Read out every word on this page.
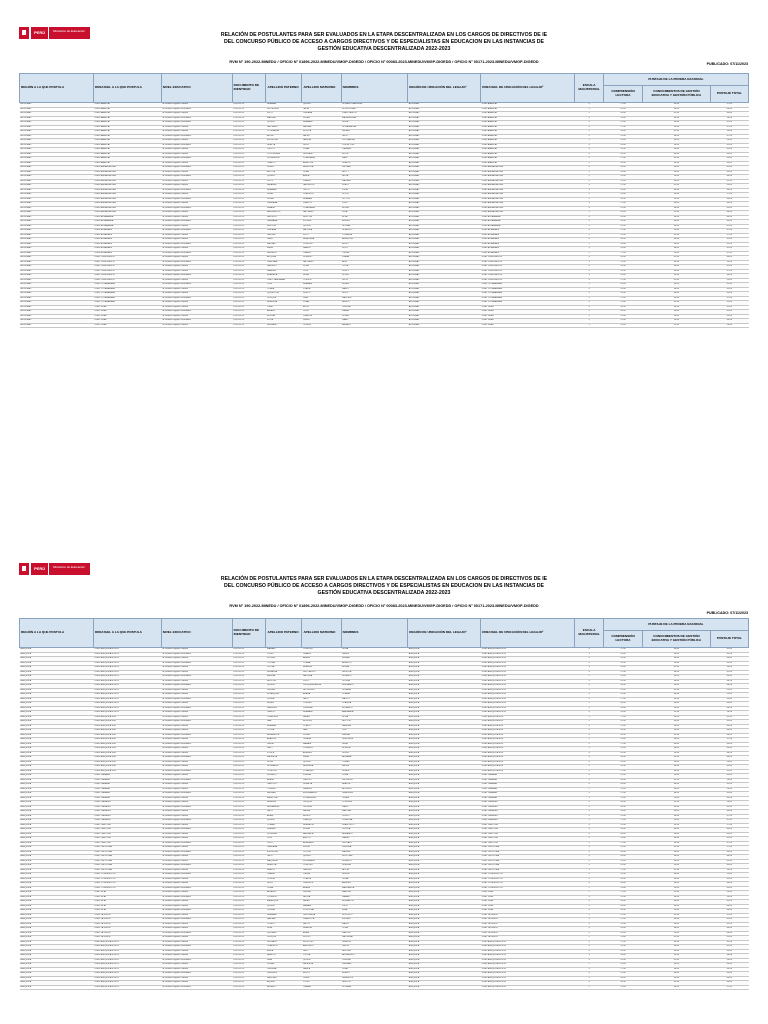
PERÚ	Ministerio de Educación
RELACIÓN DE POSTULANTES PARA SER EVALUADOS EN LA ETAPA DESCENTRALIZADA EN LOS CARGOS DE DIRECTIVOS DE IE
DEL CONCURSO PÚBLICO DE ACCESO A CARGOS DIRECTIVOS Y DE ESPECIALISTAS EN EDUCACION EN LAS INSTANCIAS DE
GESTIÓN EDUCATIVA DESCENTRALIZADA 2022-2023
RVM N° 190-2022-MINEDU / OFICIO N° 01896-2022-MINEDU/VMGP-DIGEDD / OFICIO N° 00083-2023-MINEDU/VMGP-DIGEDD / OFICIO N° 00171-2023-MINEDU/VMGP-DIGEDD	PUBLICADO: 07/11/2023
REGIÓN A LA QUE POSTULA	DRE/UGEL A LA QUE POSTULA	NIVEL EDUCATIVO	DOCUMENTO DE IDENTIDAD	APELLIDO PATERNO	APELLIDO MATERNO	NOMBRES	REGIÓN DE UBICACIÓN DEL LEGAJO¹	DRE/UGEL DE UBICACIÓN DEL LEGAJO²	ESCALA MAGISTERIAL	PUNTAJE DE LA PRUEBA NACIONAL		
										COMPRENSIÓN LECTORA	CONOCIMIENTOS DE GESTIÓN EDUCATIVA Y GESTIÓN PÚBLICA	PUNTAJE TOTAL
APURIMAC	UGEL ABANCAY	IE Gestión Regular Primaria	XXXXXXXX	HUAMAN	QUISPE	ROSARIO MARLENE	APURIMAC	UGEL ABANCAY	4	17.00	40.00	57.00
APURIMAC	UGEL ABANCAY	IE Gestión Regular Secundaria	XXXXXXXX	GUTIERREZ	TAPIA	ELVIS EDGAR	APURIMAC	UGEL ABANCAY	3	16.00	48.00	64.00
APURIMAC	UGEL ABANCAY	IE Gestión Regular Primaria	XXXXXXXX	SOTO	CHIPANA	JUAN CARLOS	APURIMAC	UGEL ABANCAY	5	18.00	42.00	60.00
APURIMAC	UGEL ABANCAY	IE Gestión Regular Secundaria	XXXXXXXX	MALLMA	ROJAS	MARIA ELENA	APURIMAC	UGEL ABANCAY	4	14.00	44.00	58.00
APURIMAC	UGEL ABANCAY	IE Gestión Regular Secundaria	XXXXXXXX	QUISPE	HUAMANI	SILVIA	APURIMAC	UGEL ABANCAY	3	15.00	46.00	61.00
APURIMAC	UGEL ABANCAY	IE Gestión Regular Primaria	XXXXXXXX	PALOMINO	VARGAS	ROSA AMELIA	APURIMAC	UGEL ABANCAY	4	17.00	50.00	67.00
APURIMAC	UGEL ABANCAY	IE Gestión Regular Primaria	XXXXXXXX	CCORAHUA	SULLCA	WILBER	APURIMAC	UGEL ABANCAY	2	16.00	42.00	58.00
APURIMAC	UGEL ABANCAY	IE Gestión Regular Secundaria	XXXXXXXX	ARONI	VALER	NELLY	APURIMAC	UGEL ABANCAY	5	19.00	48.00	67.00
APURIMAC	UGEL ABANCAY	IE Gestión Regular Primaria	XXXXXXXX	ESPINOZA	PAREJA	LUZ MARINA	APURIMAC	UGEL ABANCAY	3	13.00	46.00	59.00
APURIMAC	UGEL ABANCAY	IE Gestión Regular Secundaria	XXXXXXXX	HUAYTA	LEON	JORGE LUIS	APURIMAC	UGEL ABANCAY	4	18.00	44.00	62.00
APURIMAC	UGEL ABANCAY	IE Gestión Regular Primaria	XXXXXXXX	OSCCO	PUMA	CARMEN	APURIMAC	UGEL ABANCAY	3	15.00	50.00	65.00
APURIMAC	UGEL ABANCAY	IE Gestión Regular Primaria	XXXXXXXX	CONTRERAS	SERRANO	EDITH	APURIMAC	UGEL ABANCAY	4	16.00	48.00	64.00
APURIMAC	UGEL ABANCAY	IE Gestión Regular Secundaria	XXXXXXXX	VILLAVERDE	CCAHUANA	RAUL	APURIMAC	UGEL ABANCAY	5	17.00	42.00	59.00
APURIMAC	UGEL ABANCAY	IE Gestión Regular Primaria	XXXXXXXX	CHALCO	ALARCON	GLADYS	APURIMAC	UGEL ABANCAY	3	18.00	46.00	64.00
APURIMAC	UGEL ANDAHUAYLAS	IE Gestión Regular Secundaria	XXXXXXXX	PEREZ	MENDOZA	WILLIAM	APURIMAC	UGEL ANDAHUAYLAS	4	14.00	48.00	62.00
APURIMAC	UGEL ANDAHUAYLAS	IE Gestión Regular Primaria	XXXXXXXX	ALLCCA	CUBA	BETTY	APURIMAC	UGEL ANDAHUAYLAS	3	16.00	44.00	60.00
APURIMAC	UGEL ANDAHUAYLAS	IE Gestión Regular Secundaria	XXXXXXXX	QUISPE	AYALA	HILDA	APURIMAC	UGEL ANDAHUAYLAS	5	19.00	50.00	69.00
APURIMAC	UGEL ANDAHUAYLAS	IE Gestión Regular Primaria	XXXXXXXX	ORTIZ	JUAREZ	MARIBEL	APURIMAC	UGEL ANDAHUAYLAS	4	15.00	46.00	61.00
APURIMAC	UGEL ANDAHUAYLAS	IE Gestión Regular Primaria	XXXXXXXX	SALAZAR	GALLEGOS	FREDY	APURIMAC	UGEL ANDAHUAYLAS	3	17.00	42.00	59.00
APURIMAC	UGEL ANDAHUAYLAS	IE Gestión Regular Secundaria	XXXXXXXX	HUAMANI	TELLO	JULIA	APURIMAC	UGEL ANDAHUAYLAS	4	18.00	48.00	66.00
APURIMAC	UGEL ANDAHUAYLAS	IE Gestión Regular Primaria	XXXXXXXX	PEÑA	CUADROS	ROCIO	APURIMAC	UGEL ANDAHUAYLAS	2	13.00	44.00	57.00
APURIMAC	UGEL ANDAHUAYLAS	IE Gestión Regular Secundaria	XXXXXXXX	ROJAS	HUAMAN	VICTOR	APURIMAC	UGEL ANDAHUAYLAS	5	16.00	50.00	66.00
APURIMAC	UGEL ANDAHUAYLAS	IE Gestión Regular Primaria	XXXXXXXX	CAHUANA	LLANTOY	YENY	APURIMAC	UGEL ANDAHUAYLAS	3	17.00	46.00	63.00
APURIMAC	UGEL ANDAHUAYLAS	IE Gestión Regular Secundaria	XXXXXXXX	ZAVALA	CCAHUANA	EDWIN	APURIMAC	UGEL ANDAHUAYLAS	4	15.00	48.00	63.00
APURIMAC	UGEL ANDAHUAYLAS	IE Gestión Regular Primaria	XXXXXXXX	BARRIENTOS	PALOMINO	LIDIA	APURIMAC	UGEL ANDAHUAYLAS	3	18.00	42.00	60.00
APURIMAC	UGEL ANTABAMBA	IE Gestión Regular Primaria	XXXXXXXX	SALCEDO	HUILLCA	ELSA	APURIMAC	UGEL ANTABAMBA	4	16.00	44.00	60.00
APURIMAC	UGEL ANTABAMBA	IE Gestión Regular Secundaria	XXXXXXXX	CARBAJAL	FLORES	MIGUEL	APURIMAC	UGEL ANTABAMBA	5	19.00	46.00	65.00
APURIMAC	UGEL ANTABAMBA	IE Gestión Regular Primaria	XXXXXXXX	HUILLCA	QUISPE	NORMA	APURIMAC	UGEL ANTABAMBA	3	14.00	48.00	62.00
APURIMAC	UGEL AYMARAES	IE Gestión Regular Secundaria	XXXXXXXX	CHIPANA	VALDIVIA	ROBERTO	APURIMAC	UGEL AYMARAES	4	17.00	50.00	67.00
APURIMAC	UGEL AYMARAES	IE Gestión Regular Primaria	XXXXXXXX	PAUCAR	SOTO	YOLANDA	APURIMAC	UGEL AYMARAES	3	15.00	42.00	57.00
APURIMAC	UGEL AYMARAES	IE Gestión Regular Primaria	XXXXXXXX	TAIPE	HUARCAYA	ANGELICA	APURIMAC	UGEL AYMARAES	4	18.00	44.00	62.00
APURIMAC	UGEL AYMARAES	IE Gestión Regular Secundaria	XXXXXXXX	VARGAS	CONDORI	HUGO	APURIMAC	UGEL AYMARAES	2	16.00	46.00	62.00
APURIMAC	UGEL AYMARAES	IE Gestión Regular Primaria	XXXXXXXX	MEZA	RAMOS	FLOR	APURIMAC	UGEL AYMARAES	3	13.00	48.00	61.00
APURIMAC	UGEL AYMARAES	IE Gestión Regular Secundaria	XXXXXXXX	PACHECO	CHAVEZ	OSCAR	APURIMAC	UGEL AYMARAES	5	17.00	50.00	67.00
APURIMAC	UGEL CHINCHEROS	IE Gestión Regular Primaria	XXXXXXXX	AYQUIPA	ROMERO	JUANA	APURIMAC	UGEL CHINCHEROS	4	18.00	42.00	60.00
APURIMAC	UGEL CHINCHEROS	IE Gestión Regular Secundaria	XXXXXXXX	CANCHARI	PALOMINO	ALEX	APURIMAC	UGEL CHINCHEROS	3	15.00	44.00	59.00
APURIMAC	UGEL CHINCHEROS	IE Gestión Regular Primaria	XXXXXXXX	GALINDO	SOSA	LUCIA	APURIMAC	UGEL CHINCHEROS	4	16.00	46.00	62.00
APURIMAC	UGEL CHINCHEROS	IE Gestión Regular Primaria	XXXXXXXX	RAMIREZ	CURI	PERCY	APURIMAC	UGEL CHINCHEROS	5	19.00	48.00	67.00
APURIMAC	UGEL CHINCHEROS	IE Gestión Regular Secundaria	XXXXXXXX	HUARACA	VEGA	DORIS	APURIMAC	UGEL CHINCHEROS	3	14.00	50.00	64.00
APURIMAC	UGEL CHINCHEROS	IE Gestión Regular Primaria	XXXXXXXX	LLACCTAHUAMAN	CCENTE	RUTH	APURIMAC	UGEL CHINCHEROS	4	17.00	42.00	59.00
APURIMAC	UGEL COTABAMBAS	IE Gestión Regular Secundaria	XXXXXXXX	CUSI	HUAMAN	ELMER	APURIMAC	UGEL COTABAMBAS	3	18.00	44.00	62.00
APURIMAC	UGEL COTABAMBAS	IE Gestión Regular Primaria	XXXXXXXX	CCAPA	LOAIZA	NANCY	APURIMAC	UGEL COTABAMBAS	4	16.00	46.00	62.00
APURIMAC	UGEL COTABAMBAS	IE Gestión Regular Primaria	XXXXXXXX	QQUELCCA	SURCO	FELIX	APURIMAC	UGEL COTABAMBAS	2	15.00	48.00	63.00
APURIMAC	UGEL COTABAMBAS	IE Gestión Regular Secundaria	XXXXXXXX	CHOQUE	LIMA	MARLENI	APURIMAC	UGEL COTABAMBAS	5	17.00	50.00	67.00
APURIMAC	UGEL COTABAMBAS	IE Gestión Regular Primaria	XXXXXXXX	HUAYHUA	PUMA	BENITO	APURIMAC	UGEL COTABAMBAS	3	13.00	42.00	55.00
APURIMAC	UGEL GRAU	IE Gestión Regular Primaria	XXXXXXXX	LUNA	ARCE	TERESA	APURIMAC	UGEL GRAU	4	18.00	44.00	62.00
APURIMAC	UGEL GRAU	IE Gestión Regular Secundaria	XXXXXXXX	ALFARO	CRUZ	DANIEL	APURIMAC	UGEL GRAU	3	16.00	46.00	62.00
APURIMAC	UGEL GRAU	IE Gestión Regular Primaria	XXXXXXXX	MOLINA	CHAUCA	SONIA	APURIMAC	UGEL GRAU	4	15.00	48.00	63.00
APURIMAC	UGEL GRAU	IE Gestión Regular Secundaria	XXXXXXXX	VILCA	PEREZ	ISAAC	APURIMAC	UGEL GRAU	5	19.00	50.00	69.00
APURIMAC	UGEL GRAU	IE Gestión Regular Primaria	XXXXXXXX	SERRANO	OCHOA	AMPARO	APURIMAC	UGEL GRAU	3	14.00	42.00	56.00
PERÚ	Ministerio de Educación
RELACIÓN DE POSTULANTES PARA SER EVALUADOS EN LA ETAPA DESCENTRALIZADA EN LOS CARGOS DE DIRECTIVOS DE IE
DEL CONCURSO PÚBLICO DE ACCESO A CARGOS DIRECTIVOS Y DE ESPECIALISTAS EN EDUCACION EN LAS INSTANCIAS DE
GESTIÓN EDUCATIVA DESCENTRALIZADA 2022-2023
RVM N° 190-2022-MINEDU / OFICIO N° 01896-2022-MINEDU/VMGP-DIGEDD / OFICIO N° 00083-2023-MINEDU/VMGP-DIGEDD / OFICIO N° 00171-2023-MINEDU/VMGP-DIGEDD
PUBLICADO: 07/11/2023
REGIÓN A LA QUE POSTULA	DRE/UGEL A LA QUE POSTULA	NIVEL EDUCATIVO	DOCUMENTO DE IDENTIDAD	APELLIDO PATERNO	APELLIDO MATERNO	NOMBRES	REGIÓN DE UBICACIÓN DEL LEGAJO¹	DRE/UGEL DE UBICACIÓN DEL LEGAJO²	ESCALA MAGISTERIAL	PUNTAJE DE LA PRUEBA NACIONAL		
										COMPRENSIÓN LECTORA	CONOCIMIENTOS DE GESTIÓN EDUCATIVA Y GESTIÓN PÚBLICA	PUNTAJE TOTAL
AREQUIPA	UGEL AREQUIPA NORTE	IE Gestión Regular Primaria	XXXXXXXX	MAMANI	CONDORI	ROSA	AREQUIPA	UGEL AREQUIPA NORTE	4	17.00	44.00	61.00
AREQUIPA	UGEL AREQUIPA NORTE	IE Gestión Regular Secundaria	XXXXXXXX	LOPEZ	CHAVEZ	JAVIER	AREQUIPA	UGEL AREQUIPA NORTE	3	16.00	46.00	62.00
AREQUIPA	UGEL AREQUIPA NORTE	IE Gestión Regular Primaria	XXXXXXXX	FLORES	APAZA	MIRIAM	AREQUIPA	UGEL AREQUIPA NORTE	5	18.00	48.00	66.00
AREQUIPA	UGEL AREQUIPA NORTE	IE Gestión Regular Secundaria	XXXXXXXX	TICONA	CCAMA	ALBERTO	AREQUIPA	UGEL AREQUIPA NORTE	4	15.00	50.00	65.00
AREQUIPA	UGEL AREQUIPA NORTE	IE Gestión Regular Primaria	XXXXXXXX	CUTIPA	HUANCA	ELENA	AREQUIPA	UGEL AREQUIPA NORTE	3	14.00	42.00	56.00
AREQUIPA	UGEL AREQUIPA NORTE	IE Gestión Regular Primaria	XXXXXXXX	ZEGARRA	DEL CARPIO	PATRICIA	AREQUIPA	UGEL AREQUIPA NORTE	4	17.00	44.00	61.00
AREQUIPA	UGEL AREQUIPA NORTE	IE Gestión Regular Secundaria	XXXXXXXX	MEDINA	VALDIVIA	RICARDO	AREQUIPA	UGEL AREQUIPA NORTE	5	19.00	46.00	65.00
AREQUIPA	UGEL AREQUIPA NORTE	IE Gestión Regular Primaria	XXXXXXXX	BEDOYA	PINTO	GLORIA	AREQUIPA	UGEL AREQUIPA NORTE	3	16.00	48.00	64.00
AREQUIPA	UGEL AREQUIPA NORTE	IE Gestión Regular Secundaria	XXXXXXXX	QUISPE	CHOQUEHUANCA	FERNANDO	AREQUIPA	UGEL AREQUIPA NORTE	4	18.00	50.00	68.00
AREQUIPA	UGEL AREQUIPA NORTE	IE Gestión Regular Primaria	XXXXXXXX	RIVERA	GUTIERREZ	SUSANA	AREQUIPA	UGEL AREQUIPA NORTE	2	13.00	42.00	55.00
AREQUIPA	UGEL AREQUIPA NORTE	IE Gestión Regular Primaria	XXXXXXXX	VELASQUEZ	ARANA	LILIANA	AREQUIPA	UGEL AREQUIPA NORTE	3	15.00	44.00	59.00
AREQUIPA	UGEL AREQUIPA NORTE	IE Gestión Regular Secundaria	XXXXXXXX	CHURA	PACO	MARCO	AREQUIPA	UGEL AREQUIPA NORTE	4	17.00	46.00	63.00
AREQUIPA	UGEL AREQUIPA NORTE	IE Gestión Regular Primaria	XXXXXXXX	NUÑEZ	TORRES	CLAUDIA	AREQUIPA	UGEL AREQUIPA NORTE	5	18.00	48.00	66.00
AREQUIPA	UGEL AREQUIPA NORTE	IE Gestión Regular Secundaria	XXXXXXXX	PAREDES	LLERENA	EDUARDO	AREQUIPA	UGEL AREQUIPA NORTE	3	16.00	50.00	66.00
AREQUIPA	UGEL AREQUIPA NORTE	IE Gestión Regular Primaria	XXXXXXXX	CARPIO	HUAMANI	ANA MARIA	AREQUIPA	UGEL AREQUIPA NORTE	4	14.00	42.00	56.00
AREQUIPA	UGEL AREQUIPA SUR	IE Gestión Regular Primaria	XXXXXXXX	COAGUILA	SALAS	NORA	AREQUIPA	UGEL AREQUIPA SUR	3	17.00	44.00	61.00
AREQUIPA	UGEL AREQUIPA SUR	IE Gestión Regular Secundaria	XXXXXXXX	DIAZ	MONTES	HECTOR	AREQUIPA	UGEL AREQUIPA SUR	5	19.00	46.00	65.00
AREQUIPA	UGEL AREQUIPA SUR	IE Gestión Regular Primaria	XXXXXXXX	HUAMAN	CCALLO	SANDRA	AREQUIPA	UGEL AREQUIPA SUR	4	15.00	48.00	63.00
AREQUIPA	UGEL AREQUIPA SUR	IE Gestión Regular Primaria	XXXXXXXX	YUCRA	PARI	LUIS	AREQUIPA	UGEL AREQUIPA SUR	3	16.00	50.00	66.00
AREQUIPA	UGEL AREQUIPA SUR	IE Gestión Regular Secundaria	XXXXXXXX	BENAVENTE	ROJAS	KARINA	AREQUIPA	UGEL AREQUIPA SUR	4	18.00	42.00	60.00
AREQUIPA	UGEL AREQUIPA SUR	IE Gestión Regular Primaria	XXXXXXXX	ARAGON	TEJADA	VERONICA	AREQUIPA	UGEL AREQUIPA SUR	2	13.00	44.00	57.00
AREQUIPA	UGEL AREQUIPA SUR	IE Gestión Regular Secundaria	XXXXXXXX	CALLA	MAMANI	RENE	AREQUIPA	UGEL AREQUIPA SUR	5	17.00	46.00	63.00
AREQUIPA	UGEL AREQUIPA SUR	IE Gestión Regular Primaria	XXXXXXXX	LAZO	CORNEJO	MONICA	AREQUIPA	UGEL AREQUIPA SUR	3	15.00	48.00	63.00
AREQUIPA	UGEL AREQUIPA SUR	IE Gestión Regular Primaria	XXXXXXXX	PONCE	ALVAREZ	JESUS	AREQUIPA	UGEL AREQUIPA SUR	4	16.00	50.00	66.00
AREQUIPA	UGEL AREQUIPA SUR	IE Gestión Regular Secundaria	XXXXXXXX	VALENCIA	RIVAS	ADRIANA	AREQUIPA	UGEL AREQUIPA SUR	3	18.00	42.00	60.00
AREQUIPA	UGEL AREQUIPA SUR	IE Gestión Regular Primaria	XXXXXXXX	SUCA	QUISPE	TOMAS	AREQUIPA	UGEL AREQUIPA SUR	4	14.00	44.00	58.00
AREQUIPA	UGEL AREQUIPA SUR	IE Gestión Regular Primaria	XXXXXXXX	GONZALES	HERRERA	PAOLA	AREQUIPA	UGEL AREQUIPA SUR	5	19.00	46.00	65.00
AREQUIPA	UGEL AREQUIPA SUR	IE Gestión Regular Secundaria	XXXXXXXX	CONDORI	YUPANQUI	RUBEN	AREQUIPA	UGEL AREQUIPA SUR	3	17.00	48.00	65.00
AREQUIPA	UGEL CAMANA	IE Gestión Regular Primaria	XXXXXXXX	ROMERO	ZUÑIGA	LUISA	AREQUIPA	UGEL CAMANA	4	15.00	50.00	65.00
AREQUIPA	UGEL CAMANA	IE Gestión Regular Secundaria	XXXXXXXX	APAZA	CASTRO	WILFREDO	AREQUIPA	UGEL CAMANA	3	16.00	42.00	58.00
AREQUIPA	UGEL CAMANA	IE Gestión Regular Primaria	XXXXXXXX	CASTILLO	PERALTA	BEATRIZ	AREQUIPA	UGEL CAMANA	4	18.00	44.00	62.00
AREQUIPA	UGEL CAMANA	IE Gestión Regular Primaria	XXXXXXXX	TORRES	LINARES	ALFREDO	AREQUIPA	UGEL CAMANA	2	13.00	46.00	59.00
AREQUIPA	UGEL CAMANA	IE Gestión Regular Secundaria	XXXXXXXX	SALINAS	BUSTAMANTE	GRACIELA	AREQUIPA	UGEL CAMANA	5	17.00	48.00	65.00
AREQUIPA	UGEL CAMANA	IE Gestión Regular Primaria	XXXXXXXX	MENDOZA	VILLANUEVA	CESAR	AREQUIPA	UGEL CAMANA	3	15.00	50.00	65.00
AREQUIPA	UGEL CARAVELI	IE Gestión Regular Primaria	XXXXXXXX	HUANCA	CHOQUE	LOURDES	AREQUIPA	UGEL CARAVELI	4	16.00	42.00	58.00
AREQUIPA	UGEL CARAVELI	IE Gestión Regular Secundaria	XXXXXXXX	FERNANDEZ	ORTEGA	DAVID	AREQUIPA	UGEL CARAVELI	3	18.00	44.00	62.00
AREQUIPA	UGEL CARAVELI	IE Gestión Regular Primaria	XXXXXXXX	PACO	LAURA	MARTHA	AREQUIPA	UGEL CARAVELI	4	14.00	46.00	60.00
AREQUIPA	UGEL CARAVELI	IE Gestión Regular Primaria	XXXXXXXX	ARIAS	MUÑOZ	PEDRO	AREQUIPA	UGEL CARAVELI	5	19.00	48.00	67.00
AREQUIPA	UGEL CARAVELI	IE Gestión Regular Secundaria	XXXXXXXX	QUISPE	LLANQUI	JOSEFINA	AREQUIPA	UGEL CARAVELI	3	17.00	50.00	67.00
AREQUIPA	UGEL CASTILLA	IE Gestión Regular Primaria	XXXXXXXX	CCAMA	HUARACHI	FRANCISCO	AREQUIPA	UGEL CASTILLA	4	15.00	42.00	57.00
AREQUIPA	UGEL CASTILLA	IE Gestión Regular Secundaria	XXXXXXXX	JIMENEZ	ROJAS	CECILIA	AREQUIPA	UGEL CASTILLA	3	16.00	44.00	60.00
AREQUIPA	UGEL CASTILLA	IE Gestión Regular Primaria	XXXXXXXX	VILLEGAS	MACHACA	ARMANDO	AREQUIPA	UGEL CASTILLA	4	18.00	46.00	64.00
AREQUIPA	UGEL CASTILLA	IE Gestión Regular Primaria	XXXXXXXX	CUSI	ANCCO	ISABEL	AREQUIPA	UGEL CASTILLA	2	13.00	48.00	61.00
AREQUIPA	UGEL CASTILLA	IE Gestión Regular Secundaria	XXXXXXXX	PINTO	ALVARADO	GUSTAVO	AREQUIPA	UGEL CASTILLA	5	17.00	50.00	67.00
AREQUIPA	UGEL CAYLLOMA	IE Gestión Regular Primaria	XXXXXXXX	CAHUANA	SULLA	VIRGINIA	AREQUIPA	UGEL CAYLLOMA	3	15.00	42.00	57.00
AREQUIPA	UGEL CAYLLOMA	IE Gestión Regular Secundaria	XXXXXXXX	ESPINOZA	CUTIPA	MANUEL	AREQUIPA	UGEL CAYLLOMA	4	16.00	44.00	60.00
AREQUIPA	UGEL CAYLLOMA	IE Gestión Regular Primaria	XXXXXXXX	TACO	QUISPE	FELICITAS	AREQUIPA	UGEL CAYLLOMA	3	18.00	46.00	64.00
AREQUIPA	UGEL CAYLLOMA	IE Gestión Regular Primaria	XXXXXXXX	MAQUERA	SUCASAIRE	ERNESTO	AREQUIPA	UGEL CAYLLOMA	4	14.00	48.00	62.00
AREQUIPA	UGEL CAYLLOMA	IE Gestión Regular Secundaria	XXXXXXXX	HUAYLLA	CONDORI	GLENDA	AREQUIPA	UGEL CAYLLOMA	5	19.00	50.00	69.00
AREQUIPA	UGEL CAYLLOMA	IE Gestión Regular Primaria	XXXXXXXX	RAMOS	YANQUE	ALICIA	AREQUIPA	UGEL CAYLLOMA	3	17.00	42.00	59.00
AREQUIPA	UGEL CONDESUYOS	IE Gestión Regular Secundaria	XXXXXXXX	CHAVEZ	OJEDA	SERGIO	AREQUIPA	UGEL CONDESUYOS	4	15.00	44.00	59.00
AREQUIPA	UGEL CONDESUYOS	IE Gestión Regular Primaria	XXXXXXXX	OCHOA	CCALLA	VILMA	AREQUIPA	UGEL CONDESUYOS	3	16.00	46.00	62.00
AREQUIPA	UGEL CONDESUYOS	IE Gestión Regular Primaria	XXXXXXXX	LEON	CHIRINOS	ANDRES	AREQUIPA	UGEL CONDESUYOS	4	18.00	48.00	66.00
AREQUIPA	UGEL CONDESUYOS	IE Gestión Regular Secundaria	XXXXXXXX	PUMA	ARAPA	MARGARITA	AREQUIPA	UGEL CONDESUYOS	2	13.00	50.00	63.00
AREQUIPA	UGEL ISLAY	IE Gestión Regular Primaria	XXXXXXXX	ALVAREZ	RIVERA	FABIOLA	AREQUIPA	UGEL ISLAY	5	17.00	42.00	59.00
AREQUIPA	UGEL ISLAY	IE Gestión Regular Secundaria	XXXXXXXX	CORNEJO	NEYRA	RAFAEL	AREQUIPA	UGEL ISLAY	3	15.00	44.00	59.00
AREQUIPA	UGEL ISLAY	IE Gestión Regular Primaria	XXXXXXXX	MANRIQUE	SALAS	ELIZABETH	AREQUIPA	UGEL ISLAY	4	16.00	46.00	62.00
AREQUIPA	UGEL ISLAY	IE Gestión Regular Primaria	XXXXXXXX	QUISPE	MAMANI	JULIO	AREQUIPA	UGEL ISLAY	3	18.00	48.00	66.00
AREQUIPA	UGEL ISLAY	IE Gestión Regular Secundaria	XXXXXXXX	ZUÑIGA	PORTUGAL	IRMA	AREQUIPA	UGEL ISLAY	4	14.00	50.00	64.00
AREQUIPA	UGEL LA UNION	IE Gestión Regular Primaria	XXXXXXXX	HUAMANI	CAYLLAHUA	RODOLFO	AREQUIPA	UGEL LA UNION	5	19.00	42.00	61.00
AREQUIPA	UGEL LA UNION	IE Gestión Regular Secundaria	XXXXXXXX	VARGAS	LLAMOCCA	ESTHER	AREQUIPA	UGEL LA UNION	3	17.00	44.00	61.00
AREQUIPA	UGEL LA UNION	IE Gestión Regular Primaria	XXXXXXXX	CONDO	PACCO	MARIO	AREQUIPA	UGEL LA UNION	4	15.00	46.00	61.00
AREQUIPA	UGEL LA UNION	IE Gestión Regular Primaria	XXXXXXXX	SUMI	HUARCA	OLGA	AREQUIPA	UGEL LA UNION	3	16.00	48.00	64.00
AREQUIPA	UGEL LA UNION	IE Gestión Regular Secundaria	XXXXXXXX	QUICAÑO	ARIAS	WALTER	AREQUIPA	UGEL LA UNION	4	18.00	50.00	68.00
AREQUIPA	UGEL LA UNION	IE Gestión Regular Primaria	XXXXXXXX	CHOQUE	SUCSO	NATIVIDAD	AREQUIPA	UGEL LA UNION	2	13.00	42.00	55.00
AREQUIPA	UGEL AREQUIPA NORTE	IE Gestión Regular Primaria	XXXXXXXX	DELGADO	MOSCOSO	REBECA	AREQUIPA	UGEL AREQUIPA NORTE	5	17.00	44.00	61.00
AREQUIPA	UGEL AREQUIPA NORTE	IE Gestión Regular Secundaria	XXXXXXXX	CUADROS	AMPUERO	SIMON	AREQUIPA	UGEL AREQUIPA NORTE	3	15.00	46.00	61.00
AREQUIPA	UGEL AREQUIPA NORTE	IE Gestión Regular Primaria	XXXXXXXX	MEJIA	LAZO	BERTHA	AREQUIPA	UGEL AREQUIPA NORTE	4	16.00	48.00	64.00
AREQUIPA	UGEL AREQUIPA NORTE	IE Gestión Regular Primaria	XXXXXXXX	HANCCO	YUCRA	ALEJANDRO	AREQUIPA	UGEL AREQUIPA NORTE	3	18.00	50.00	68.00
AREQUIPA	UGEL AREQUIPA NORTE	IE Gestión Regular Secundaria	XXXXXXXX	NINA	QUISPE	TERESA	AREQUIPA	UGEL AREQUIPA NORTE	4	14.00	42.00	56.00
AREQUIPA	UGEL AREQUIPA NORTE	IE Gestión Regular Primaria	XXXXXXXX	ROSAS	VALENCIA	GERMAN	AREQUIPA	UGEL AREQUIPA NORTE	5	19.00	44.00	63.00
AREQUIPA	UGEL AREQUIPA NORTE	IE Gestión Regular Primaria	XXXXXXXX	LLERENA	DAVILA	PILAR	AREQUIPA	UGEL AREQUIPA NORTE	3	17.00	46.00	63.00
AREQUIPA	UGEL AREQUIPA NORTE	IE Gestión Regular Secundaria	XXXXXXXX	CACERES	MOLLO	ELADIO	AREQUIPA	UGEL AREQUIPA NORTE	4	15.00	48.00	63.00
AREQUIPA	UGEL AREQUIPA NORTE	IE Gestión Regular Primaria	XXXXXXXX	SANCHEZ	CHIRE	MILAGROS	AREQUIPA	UGEL AREQUIPA NORTE	3	16.00	50.00	66.00
AREQUIPA	UGEL AREQUIPA NORTE	IE Gestión Regular Primaria	XXXXXXXX	AQUINO	CCORI	NESTOR	AREQUIPA	UGEL AREQUIPA NORTE	4	18.00	42.00	60.00
AREQUIPA	UGEL AREQUIPA NORTE	IE Gestión Regular Secundaria	XXXXXXXX	BEGAZO	CHAMBI	ROXANA	AREQUIPA	UGEL AREQUIPA NORTE	2	13.00	44.00	57.00
